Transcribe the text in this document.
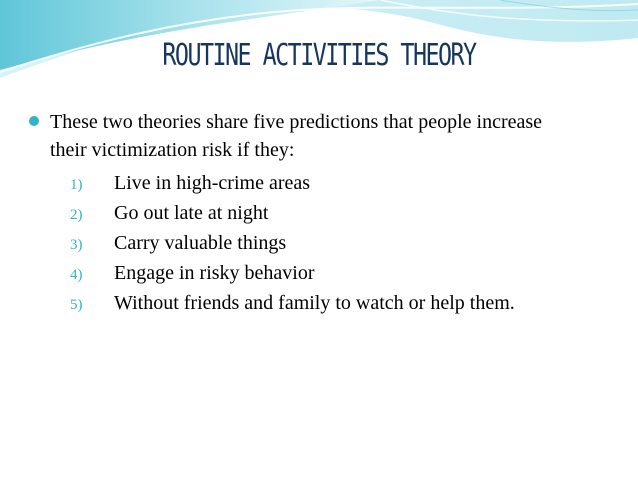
ROUTINE ACTIVITIES THEORY
These two theories share five predictions that people increase their victimization risk if they:
1) Live in high-crime areas
2) Go out late at night
3) Carry valuable things
4) Engage in risky behavior
5) Without friends and family to watch or help them.
